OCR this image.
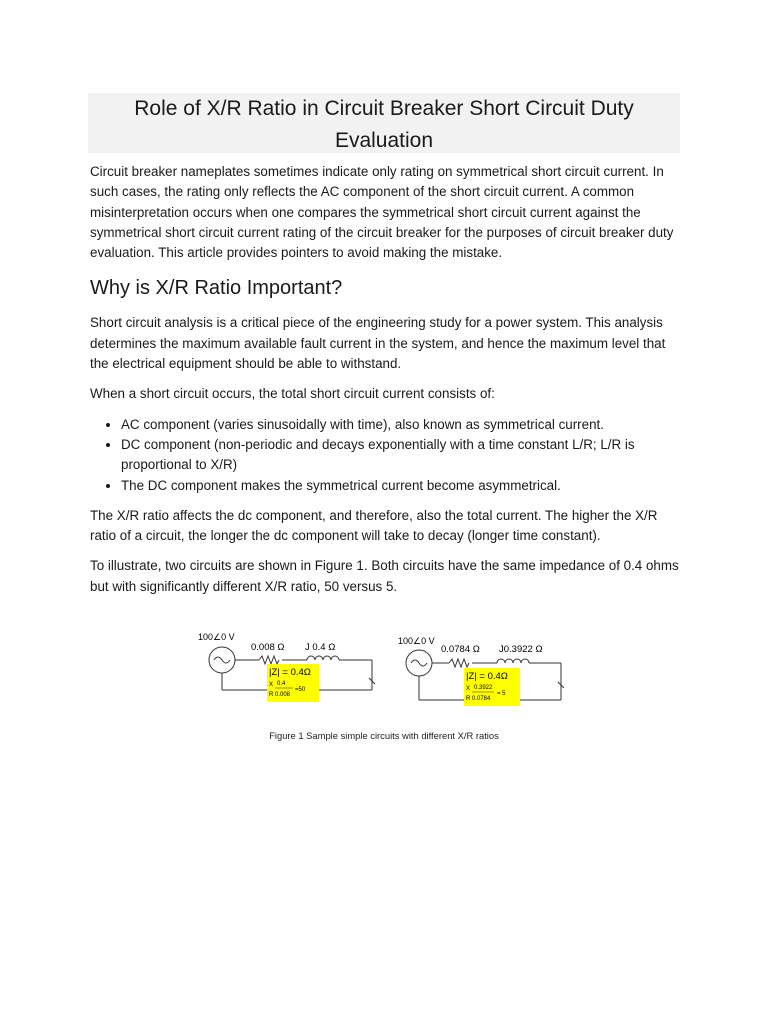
Role of X/R Ratio in Circuit Breaker Short Circuit Duty Evaluation

Circuit breaker nameplates sometimes indicate only rating on symmetrical short circuit current. In such cases, the rating only reflects the AC component of the short circuit current. A common misinterpretation occurs when one compares the symmetrical short circuit current against the symmetrical short circuit current rating of the circuit breaker for the purposes of circuit breaker duty evaluation. This article provides pointers to avoid making the mistake.

Why is X/R Ratio Important?

Short circuit analysis is a critical piece of the engineering study for a power system. This analysis determines the maximum available fault current in the system, and hence the maximum level that the electrical equipment should be able to withstand.

When a short circuit occurs, the total short circuit current consists of:

• AC component (varies sinusoidally with time), also known as symmetrical current.
• DC component (non-periodic and decays exponentially with a time constant L/R; L/R is proportional to X/R)
• The DC component makes the symmetrical current become asymmetrical.

The X/R ratio affects the dc component, and therefore, also the total current. The higher the X/R ratio of a circuit, the longer the dc component will take to decay (longer time constant).

To illustrate, two circuits are shown in Figure 1. Both circuits have the same impedance of 0.4 ohms but with significantly different X/R ratio, 50 versus 5.

100∠0 V
0.008 Ω J 0.4 Ω
|Z| = 0.4Ω
X
R
0.4
0.008
=50
100∠0 V
0.0784 Ω J0.3922 Ω
|Z| = 0.4Ω
X
R
0.3922
0.0784
= 5
Figure 1 Sample simple circuits with different X/R ratios
